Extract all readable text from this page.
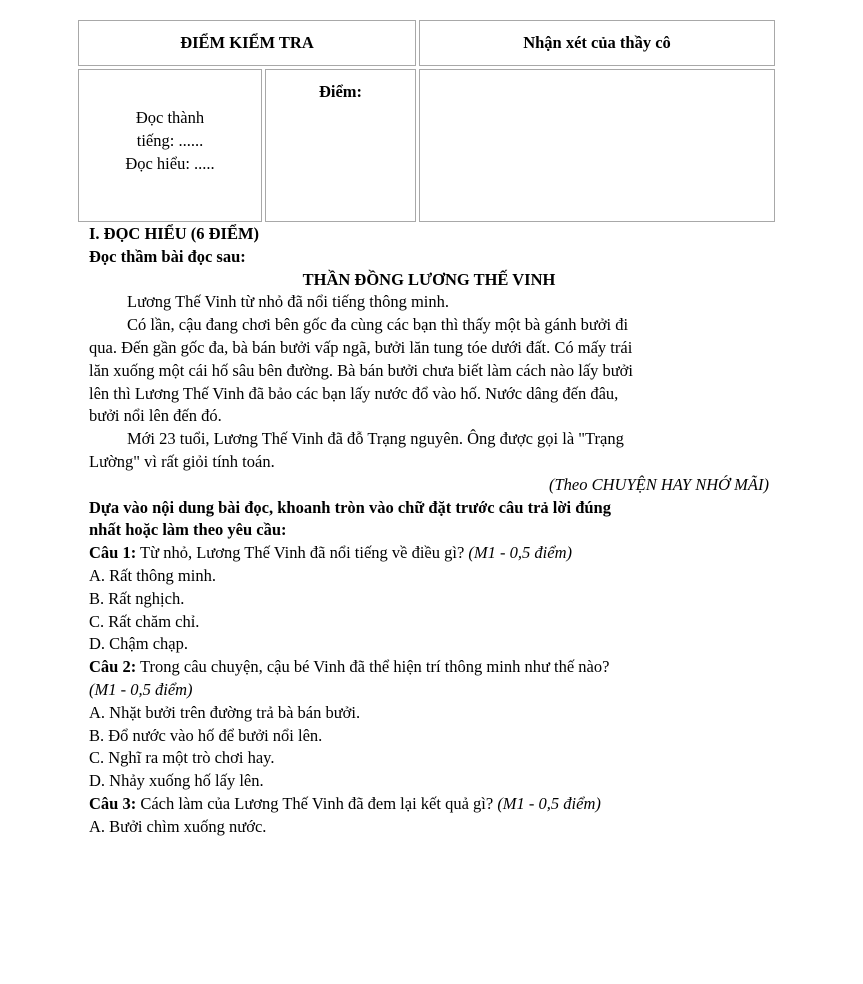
ĐIỂM KIỂM TRA	Nhận xét của thầy cô
Đọc thành
tiếng: ......
Đọc hiểu: .....
Điểm:

I. ĐỌC HIỂU (6 ĐIỂM)

Đọc thầm bài đọc sau:

THẦN ĐỒNG LƯƠNG THẾ VINH

Lương Thế Vinh từ nhỏ đã nổi tiếng thông minh.

Có lần, cậu đang chơi bên gốc đa cùng các bạn thì thấy một bà gánh bưởi đi

qua. Đến gần gốc đa, bà bán bưởi vấp ngã, bưởi lăn tung tóe dưới đất. Có mấy trái

lăn xuống một cái hố sâu bên đường. Bà bán bưởi chưa biết làm cách nào lấy bưởi

lên thì Lương Thế Vinh đã bảo các bạn lấy nước đổ vào hố. Nước dâng đến đâu,

bưởi nổi lên đến đó.

Mới 23 tuổi, Lương Thế Vinh đã đỗ Trạng nguyên. Ông được gọi là "Trạng

Lường" vì rất giỏi tính toán.

(Theo CHUYỆN HAY NHỚ MÃI)

Dựa vào nội dung bài đọc, khoanh tròn vào chữ đặt trước câu trả lời đúng

nhất hoặc làm theo yêu cầu:

Câu 1: Từ nhỏ, Lương Thế Vinh đã nổi tiếng về điều gì? (M1 - 0,5 điểm)

A. Rất thông minh.

B. Rất nghịch.

C. Rất chăm chỉ.

D. Chậm chạp.

Câu 2: Trong câu chuyện, cậu bé Vinh đã thể hiện trí thông minh như thế nào?

(M1 - 0,5 điểm)

A. Nhặt bưởi trên đường trả bà bán bưởi.

B. Đổ nước vào hố để bưởi nổi lên.

C. Nghĩ ra một trò chơi hay.

D. Nhảy xuống hố lấy lên.

Câu 3: Cách làm của Lương Thế Vinh đã đem lại kết quả gì? (M1 - 0,5 điểm)

A. Bưởi chìm xuống nước.
